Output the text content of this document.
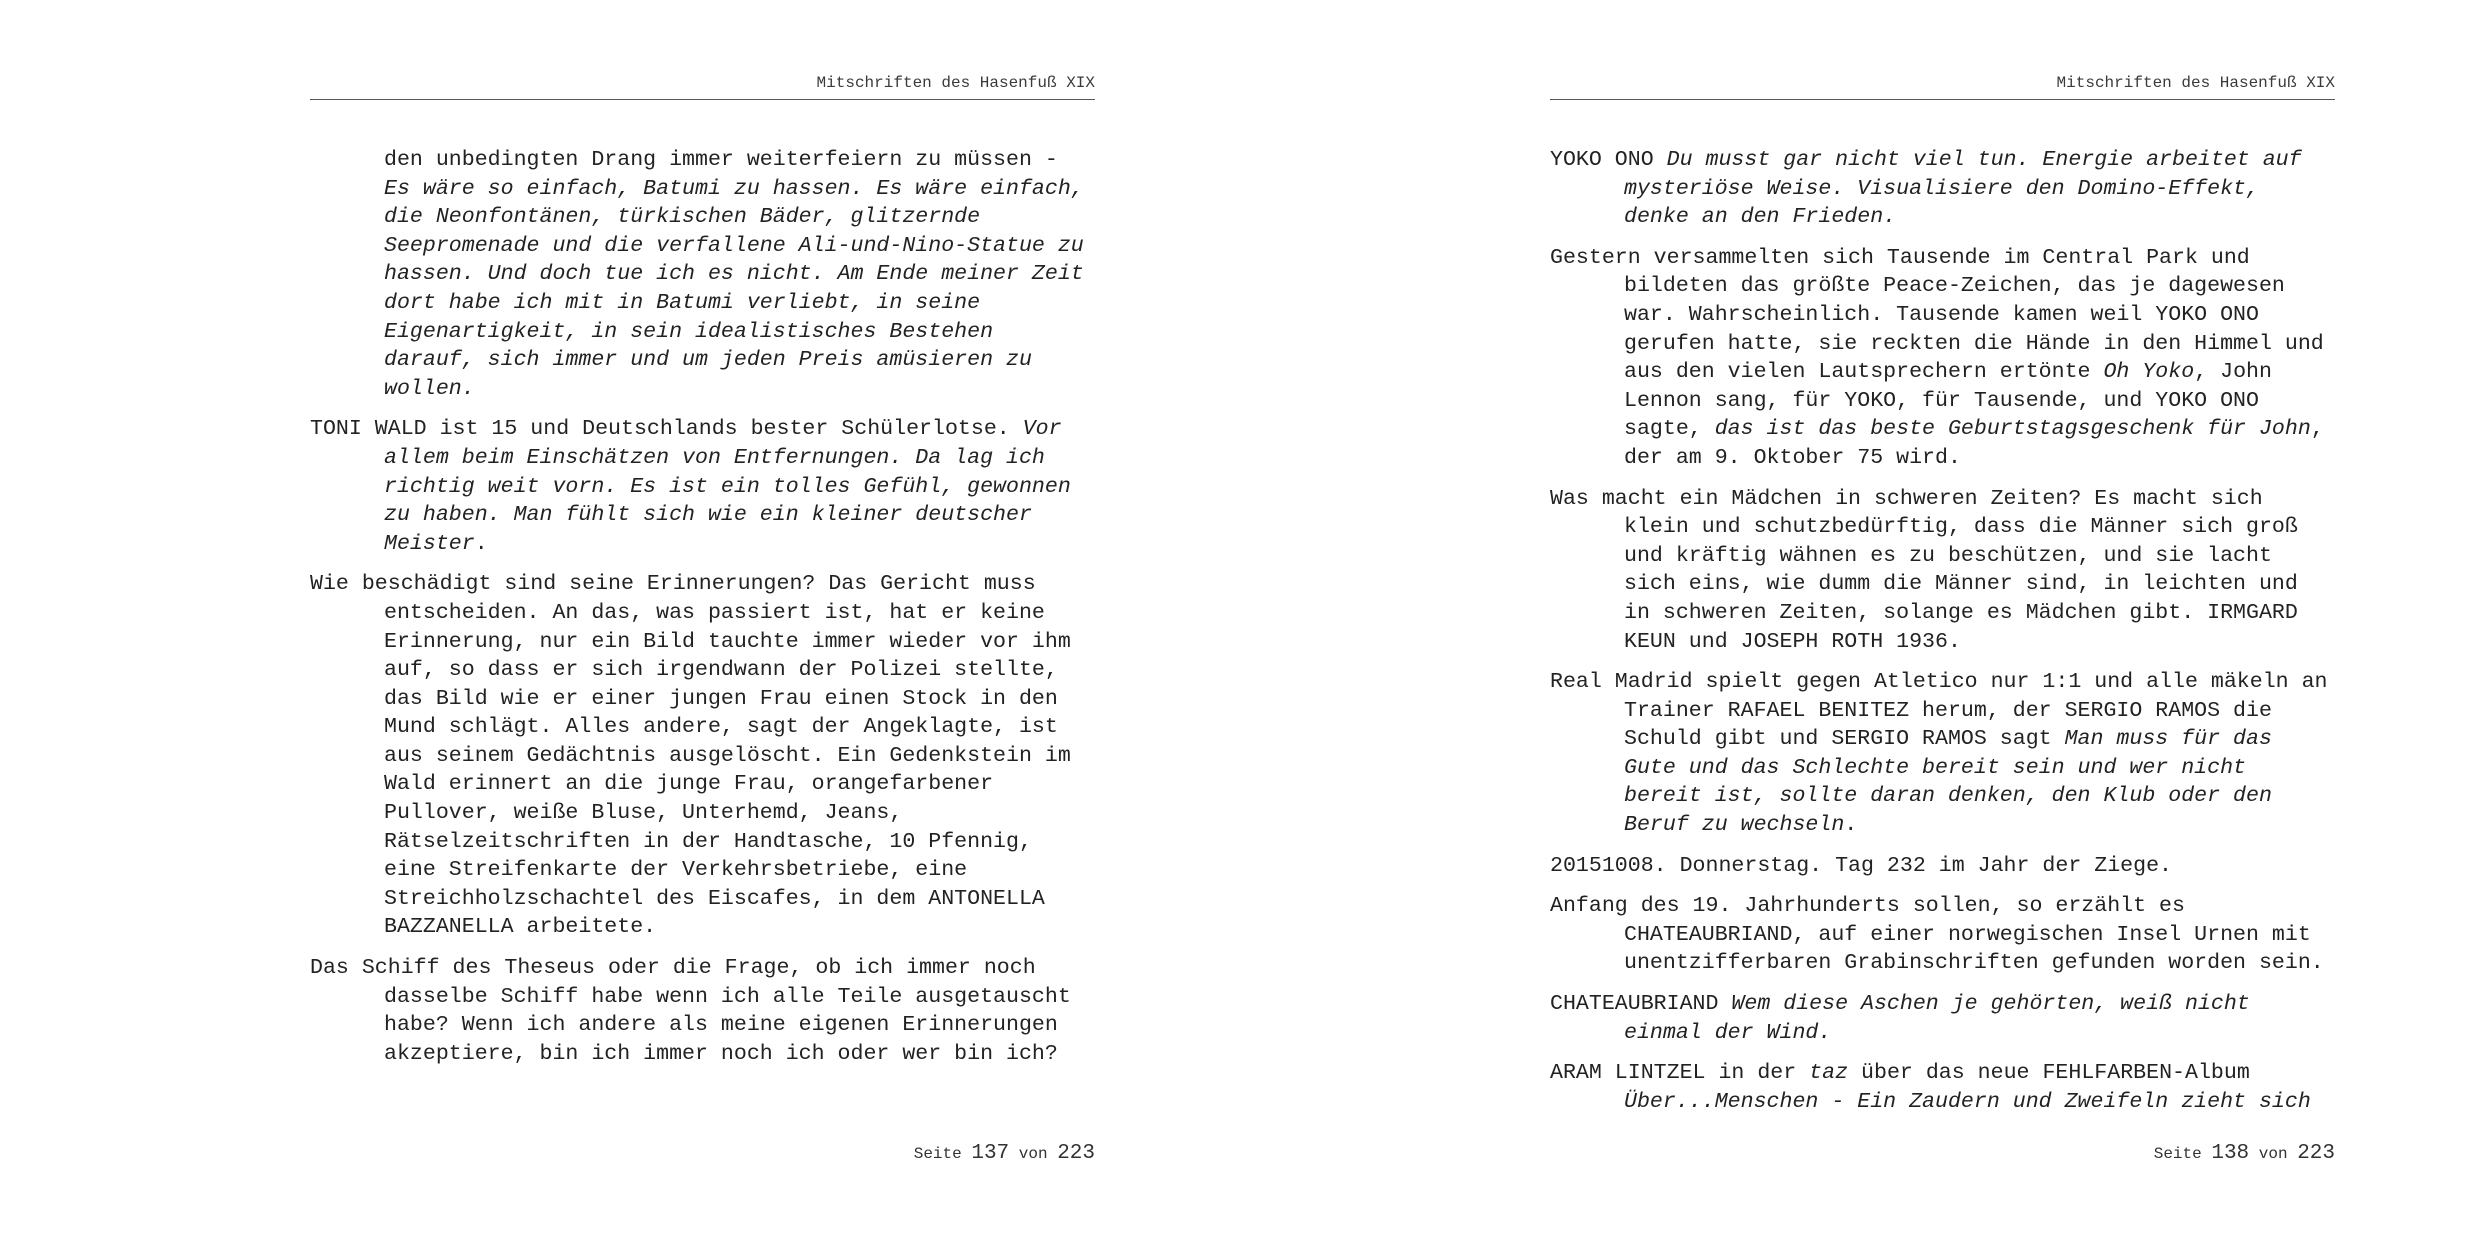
Mitschriften des Hasenfuß XIX

den unbedingten Drang immer weiterfeiern zu müssen - Es wäre so einfach, Batumi zu hassen. Es wäre einfach, die Neonfontänen, türkischen Bäder, glitzernde Seepromenade und die verfallene Ali-und-Nino-Statue zu hassen. Und doch tue ich es nicht. Am Ende meiner Zeit dort habe ich mit in Batumi verliebt, in seine Eigenartigkeit, in sein idealistisches Bestehen darauf, sich immer und um jeden Preis amüsieren zu wollen.

TONI WALD ist 15 und Deutschlands bester Schülerlotse. Vor allem beim Einschätzen von Entfernungen. Da lag ich richtig weit vorn. Es ist ein tolles Gefühl, gewonnen zu haben. Man fühlt sich wie ein kleiner deutscher Meister.

Wie beschädigt sind seine Erinnerungen? Das Gericht muss entscheiden. An das, was passiert ist, hat er keine Erinnerung, nur ein Bild tauchte immer wieder vor ihm auf, so dass er sich irgendwann der Polizei stellte, das Bild wie er einer jungen Frau einen Stock in den Mund schlägt. Alles andere, sagt der Angeklagte, ist aus seinem Gedächtnis ausgelöscht. Ein Gedenkstein im Wald erinnert an die junge Frau, orangefarbener Pullover, weiße Bluse, Unterhemd, Jeans, Rätselzeitschriften in der Handtasche, 10 Pfennig, eine Streifenkarte der Verkehrsbetriebe, eine Streichholzschachtel des Eiscafes, in dem ANTONELLA BAZZANELLA arbeitete.

Das Schiff des Theseus oder die Frage, ob ich immer noch dasselbe Schiff habe wenn ich alle Teile ausgetauscht habe? Wenn ich andere als meine eigenen Erinnerungen akzeptiere, bin ich immer noch ich oder wer bin ich?

Seite 137 von 223
Mitschriften des Hasenfuß XIX

YOKO ONO Du musst gar nicht viel tun. Energie arbeitet auf mysteriöse Weise. Visualisiere den Domino-Effekt, denke an den Frieden.

Gestern versammelten sich Tausende im Central Park und bildeten das größte Peace-Zeichen, das je dagewesen war. Wahrscheinlich. Tausende kamen weil YOKO ONO gerufen hatte, sie reckten die Hände in den Himmel und aus den vielen Lautsprechern ertönte Oh Yoko, John Lennon sang, für YOKO, für Tausende, und YOKO ONO sagte, das ist das beste Geburtstagsgeschenk für John, der am 9. Oktober 75 wird.

Was macht ein Mädchen in schweren Zeiten? Es macht sich klein und schutzbedürftig, dass die Männer sich groß und kräftig wähnen es zu beschützen, und sie lacht sich eins, wie dumm die Männer sind, in leichten und in schweren Zeiten, solange es Mädchen gibt. IRMGARD KEUN und JOSEPH ROTH 1936.

Real Madrid spielt gegen Atletico nur 1:1 und alle mäkeln an Trainer RAFAEL BENITEZ herum, der SERGIO RAMOS die Schuld gibt und SERGIO RAMOS sagt Man muss für das Gute und das Schlechte bereit sein und wer nicht bereit ist, sollte daran denken, den Klub oder den Beruf zu wechseln.

20151008. Donnerstag. Tag 232 im Jahr der Ziege.

Anfang des 19. Jahrhunderts sollen, so erzählt es CHATEAUBRIAND, auf einer norwegischen Insel Urnen mit unentzifferbaren Grabinschriften gefunden worden sein.

CHATEAUBRIAND Wem diese Aschen je gehörten, weiß nicht einmal der Wind.

ARAM LINTZEL in der taz über das neue FEHLFARBEN-Album Über...Menschen - Ein Zaudern und Zweifeln zieht sich

Seite 138 von 223
